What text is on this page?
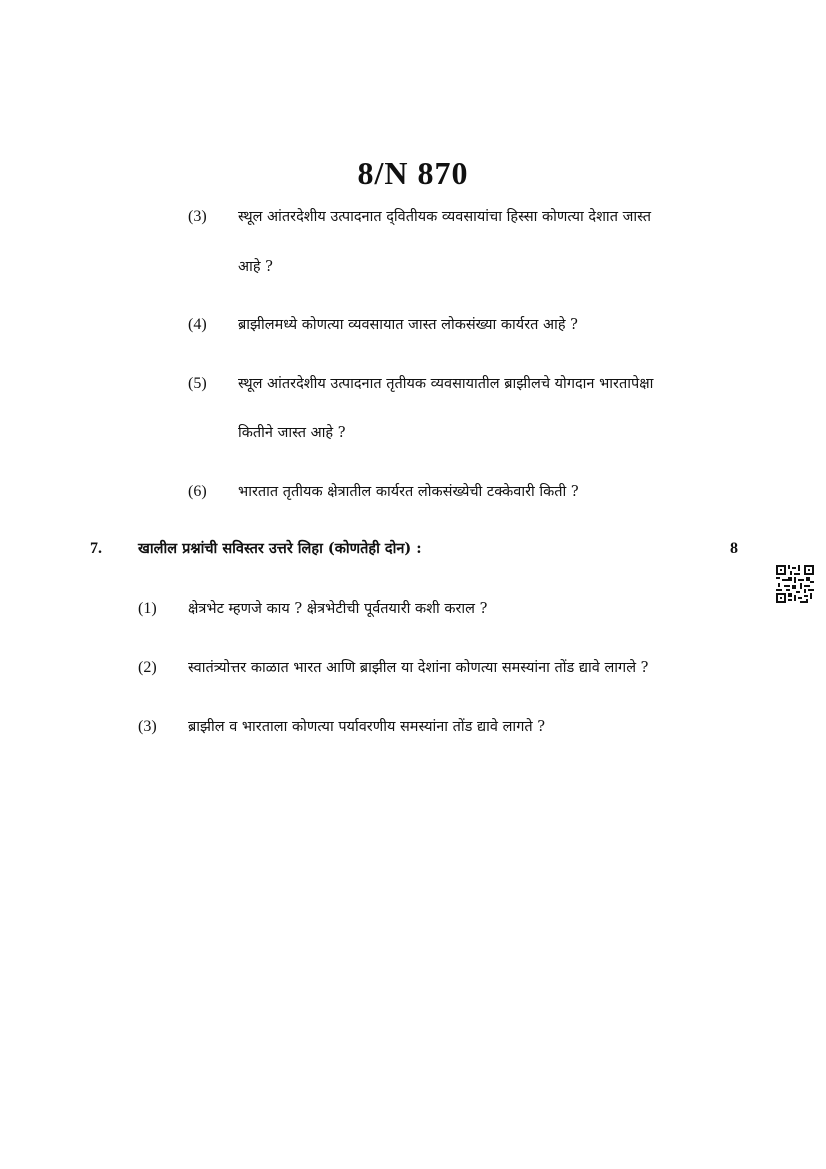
8/N 870
(3) स्थूल आंतरदेशीय उत्पादनात द्‌वितीयक व्यवसायांचा हिस्सा कोणत्या देशात जास्त
आहे ?
(4) ब्राझीलमध्ये कोणत्या व्यवसायात जास्त लोकसंख्या कार्यरत आहे ?
(5) स्थूल आंतरदेशीय उत्पादनात तृतीयक व्यवसायातील ब्राझीलचे योगदान भारतापेक्षा
कितीने जास्त आहे ?
(6) भारतात तृतीयक क्षेत्रातील कार्यरत लोकसंख्येची टक्केवारी किती ?
7. खालील प्रश्नांची सविस्तर उत्तरे लिहा (कोणतेही दोन) :	8
(1) क्षेत्रभेट म्हणजे काय ? क्षेत्रभेटीची पूर्वतयारी कशी कराल ?
(2) स्वातंत्र्योत्तर काळात भारत आणि ब्राझील या देशांना कोणत्या समस्यांना तोंड द्यावे लागले ?
(3) ब्राझील व भारताला कोणत्या पर्यावरणीय समस्यांना तोंड द्यावे लागते ?
